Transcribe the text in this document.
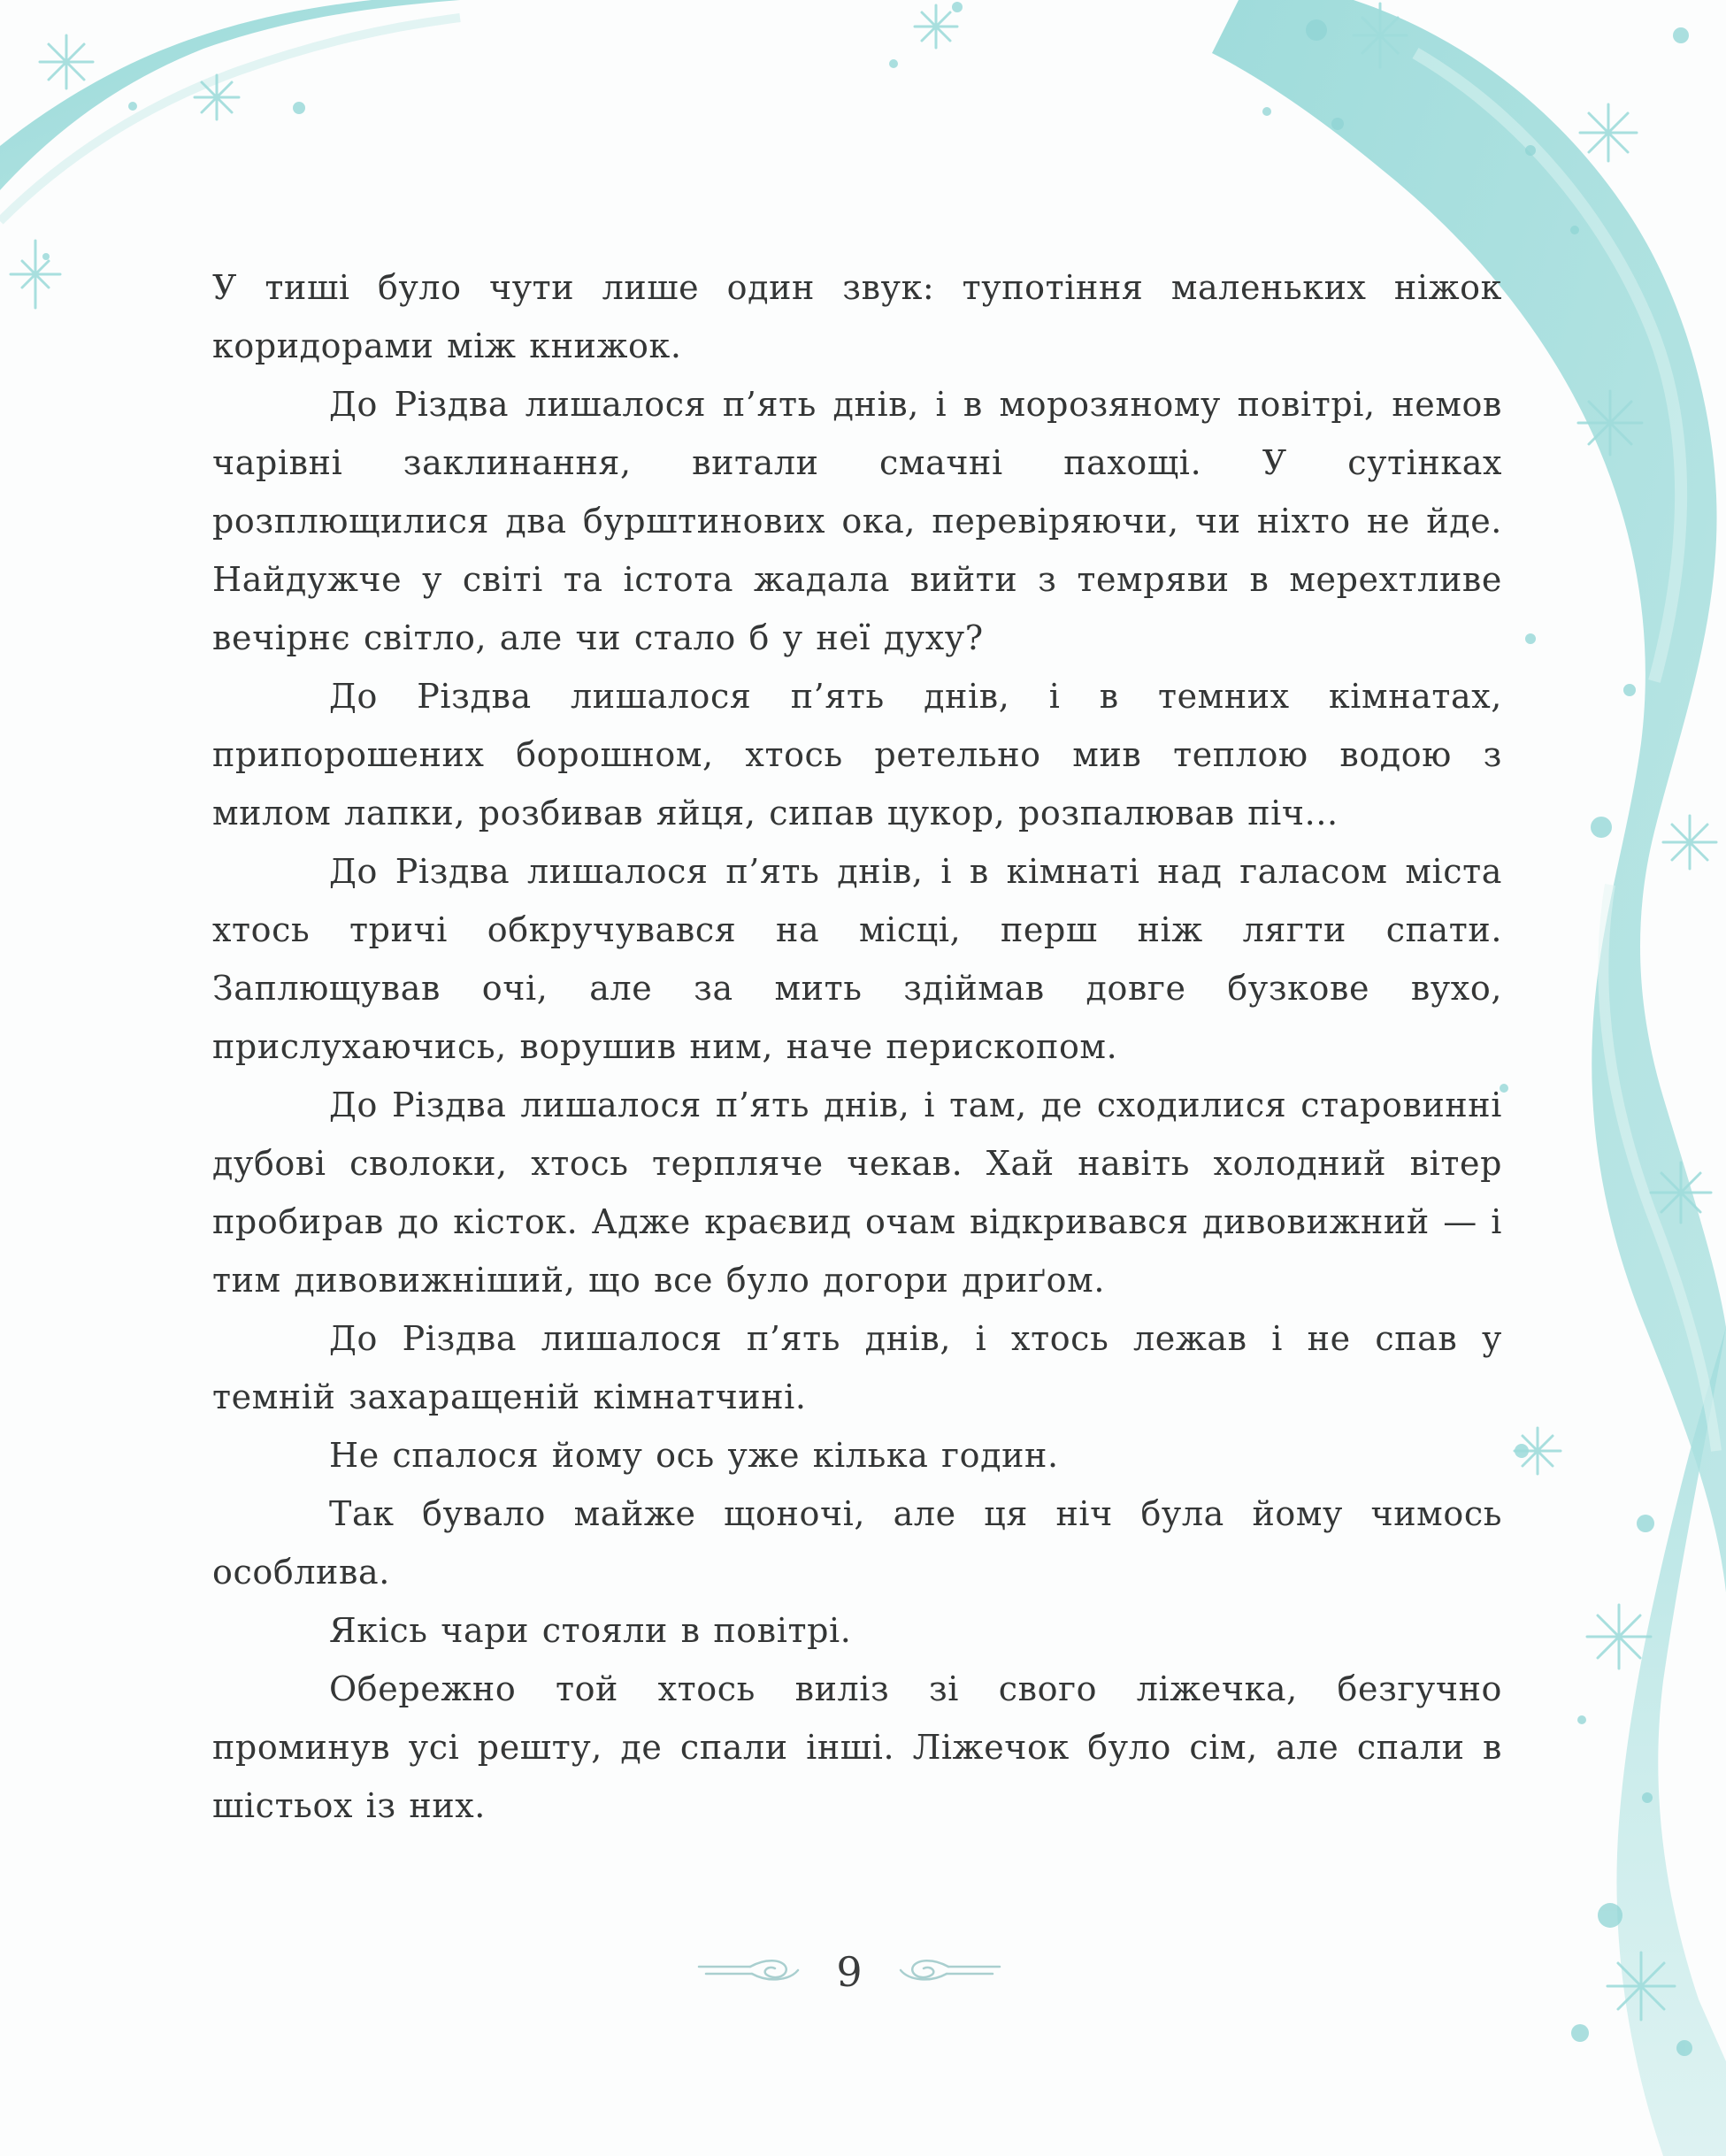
У тиші було чути лише один звук: тупотіння маленьких ніжок коридорами між книжок.

До Різдва лишалося п’ять днів, і в морозяному повітрі, немов чарівні заклинання, витали смачні пахощі. У сутінках розплющилися два бурштинових ока, перевіряючи, чи ніхто не йде. Найдужче у світі та істота жадала вийти з темряви в мерехтливе вечірнє світло, але чи стало б у неї духу?

До Різдва лишалося п’ять днів, і в темних кімнатах, припорошених борошном, хтось ретельно мив теплою водою з милом лапки, розбивав яйця, сипав цукор, розпалював піч...

До Різдва лишалося п’ять днів, і в кімнаті над галасом міста хтось тричі обкручувався на місці, перш ніж лягти спати. Заплющував очі, але за мить здіймав довге бузкове вухо, прислухаючись, ворушив ним, наче перископом.

До Різдва лишалося п’ять днів, і там, де сходилися старовинні дубові сволоки, хтось терпляче чекав. Хай навіть холодний вітер пробирав до кісток. Адже краєвид очам відкривався дивовижний — і тим дивовижніший, що все було догори дриґом.

До Різдва лишалося п’ять днів, і хтось лежав і не спав у темній захаращеній кімнатчині.

Не спалося йому ось уже кілька годин.

Так бувало майже щоночі, але ця ніч була йому чимось особлива.

Якісь чари стояли в повітрі.

Обережно той хтось виліз зі свого ліжечка, безгучно проминув усі решту, де спали інші. Ліжечок було сім, але спали в шістьох із них.

9
